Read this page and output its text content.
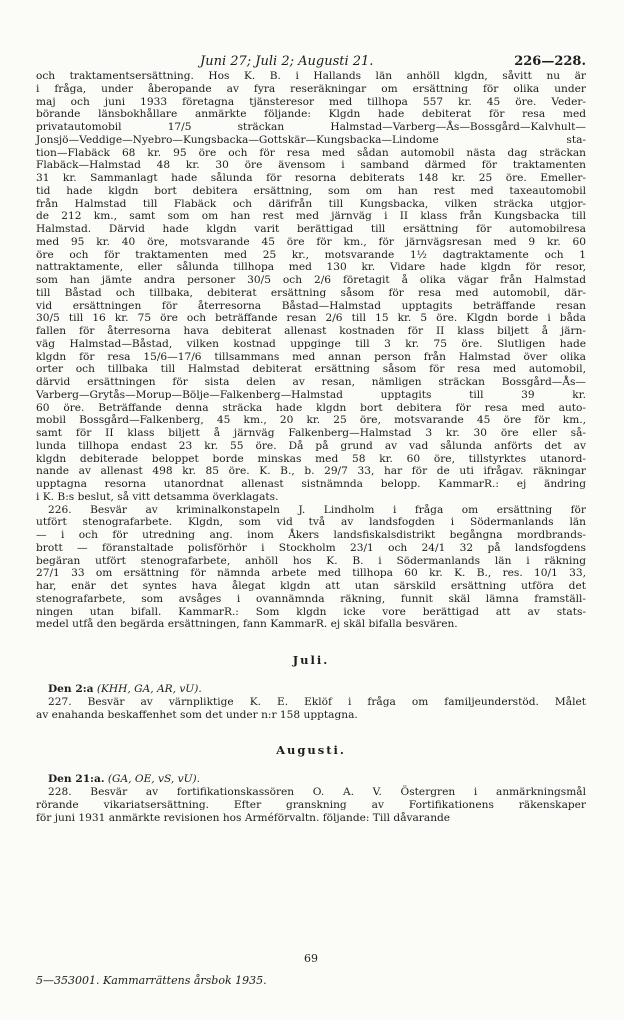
Juni 27; Juli 2; Augusti 21.	226—228.
och traktamentsersättning. Hos K. B. i Hallands län anhöll klgdn, såvitt nu är
i fråga, under åberopande av fyra reseräkningar om ersättning för olika under
maj och juni 1933 företagna tjänsteresor med tillhopa 557 kr. 45 öre. Veder-
börande länsbokhållare anmärkte följande: Klgdn hade debiterat för resa med
privatautomobil 17/5 sträckan Halmstad—Varberg—Ås—Bossgård—Kalvhult—
Jonsjö—Veddige—Nyebro—Kungsbacka—Gottskär—Kungsbacka—Lindome sta-
tion—Flabäck 68 kr. 95 öre och för resa med sådan automobil nästa dag sträckan
Flabäck—Halmstad 48 kr. 30 öre ävensom i samband därmed för traktamenten
31 kr. Sammanlagt hade sålunda för resorna debiterats 148 kr. 25 öre. Emeller-
tid hade klgdn bort debitera ersättning, som om han rest med taxeautomobil
från Halmstad till Flabäck och därifrån till Kungsbacka, vilken sträcka utgjor-
de 212 km., samt som om han rest med järnväg i II klass från Kungsbacka till
Halmstad. Därvid hade klgdn varit berättigad till ersättning för automobilresa
med 95 kr. 40 öre, motsvarande 45 öre för km., för järnvägsresan med 9 kr. 60
öre och för traktamenten med 25 kr., motsvarande 1½ dagtraktamente och 1
nattraktamente, eller sålunda tillhopa med 130 kr. Vidare hade klgdn för resor,
som han jämte andra personer 30/5 och 2/6 företagit å olika vägar från Halmstad
till Båstad och tillbaka, debiterat ersättning såsom för resa med automobil, där-
vid ersättningen för återresorna Båstad—Halmstad upptagits beträffande resan
30/5 till 16 kr. 75 öre och beträffande resan 2/6 till 15 kr. 5 öre. Klgdn borde i båda
fallen för återresorna hava debiterat allenast kostnaden för II klass biljett å järn-
väg Halmstad—Båstad, vilken kostnad uppginge till 3 kr. 75 öre. Slutligen hade
klgdn för resa 15/6—17/6 tillsammans med annan person från Halmstad över olika
orter och tillbaka till Halmstad debiterat ersättning såsom för resa med automobil,
därvid ersättningen för sista delen av resan, nämligen sträckan Bossgård—Ås—
Varberg—Grytås—Morup—Bölje—Falkenberg—Halmstad upptagits till 39 kr.
60 öre. Beträffande denna sträcka hade klgdn bort debitera för resa med auto-
mobil Bossgård—Falkenberg, 45 km., 20 kr. 25 öre, motsvarande 45 öre för km.,
samt för II klass biljett å järnväg Falkenberg—Halmstad 3 kr. 30 öre eller så-
lunda tillhopa endast 23 kr. 55 öre. Då på grund av vad sålunda anförts det av
klgdn debiterade beloppet borde minskas med 58 kr. 60 öre, tillstyrktes utanord-
nande av allenast 498 kr. 85 öre. K. B., b. 29/7 33, har för de uti ifrågav. räkningar
upptagna resorna utanordnat allenast sistnämnda belopp. KammarR.: ej ändring
i K. B:s beslut, så vitt detsamma överklagats.
226. Besvär av kriminalkonstapeln J. Lindholm i fråga om ersättning för
utfört stenografarbete. Klgdn, som vid två av landsfogden i Södermanlands län
— i och för utredning ang. inom Åkers landsfiskalsdistrikt begångna mordbrands-
brott — föranstaltade polisförhör i Stockholm 23/1 och 24/1 32 på landsfogdens
begäran utfört stenografarbete, anhöll hos K. B. i Södermanlands län i räkning
27/1 33 om ersättning för nämnda arbete med tillhopa 60 kr. K. B., res. 10/1 33,
har, enär det syntes hava ålegat klgdn att utan särskild ersättning utföra det
stenografarbete, som avsåges i ovannämnda räkning, funnit skäl lämna framställ-
ningen utan bifall. KammarR.: Som klgdn icke vore berättigad att av stats-
medel utfå den begärda ersättningen, fann KammarR. ej skäl bifalla besvären.
Juli.
Den 2:a (KHH, GA, AR, vU).
227. Besvär av värnpliktige K. E. Eklöf i fråga om familjeunderstöd. Målet
av enahanda beskaffenhet som det under n:r 158 upptagna.
Augusti.
Den 21:a. (GA, OE, vS, vU).
228. Besvär av fortifikationskassören O. A. V. Östergren i anmärkningsmål
rörande vikariatsersättning. Efter granskning av Fortifikationens räkenskaper
för juni 1931 anmärkte revisionen hos Arméförvaltn. följande: Till dåvarande
69
5—353001. Kammarrättens årsbok 1935.
